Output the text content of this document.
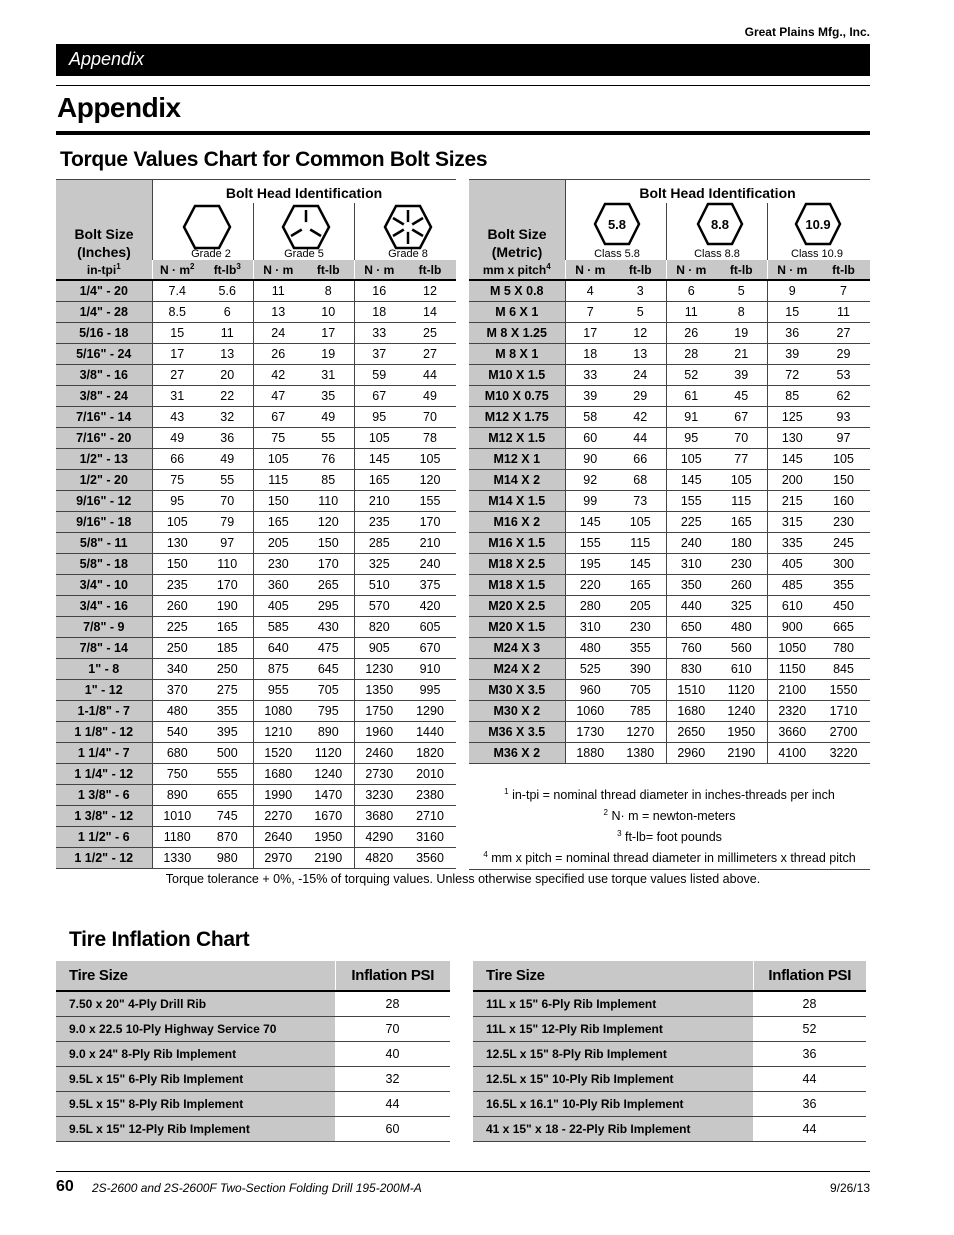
Great Plains Mfg., Inc.
Appendix
Appendix
Torque Values Chart for Common Bolt Sizes
Bolt Size
(Inches)
Bolt Head Identification
Grade 2	Grade 5	Grade 8
in-tpi$^1$	$N \cdot m^2$	$ft-lb^3$	N · m	ft-lb	N · m	ft-lb
1/4" - 20	7.4	5.6	11	8	16	12
1/4" - 28	8.5	6	13	10	18	14
5/16 - 18	15	11	24	17	33	25
5/16" - 24	17	13	26	19	37	27
3/8" - 16	27	20	42	31	59	44
3/8" - 24	31	22	47	35	67	49
7/16" - 14	43	32	67	49	95	70
7/16" - 20	49	36	75	55	105	78
1/2" - 13	66	49	105	76	145	105
1/2" - 20	75	55	115	85	165	120
9/16" - 12	95	70	150	110	210	155
9/16" - 18	105	79	165	120	235	170
5/8" - 11	130	97	205	150	285	210
5/8" - 18	150	110	230	170	325	240
3/4" - 10	235	170	360	265	510	375
3/4" - 16	260	190	405	295	570	420
7/8" - 9	225	165	585	430	820	605
7/8" - 14	250	185	640	475	905	670
1" - 8	340	250	875	645	1230	910
1" - 12	370	275	955	705	1350	995
1-1/8" - 7	480	355	1080	795	1750	1290
1 1/8" - 12	540	395	1210	890	1960	1440
1 1/4" - 7	680	500	1520	1120	2460	1820
1 1/4" - 12	750	555	1680	1240	2730	2010
1 3/8" - 6	890	655	1990	1470	3230	2380
1 3/8" - 12	1010	745	2270	1670	3680	2710
1 1/2" - 6	1180	870	2640	1950	4290	3160
1 1/2" - 12	1330	980	2970	2190	4820	3560
Bolt Size
(Metric)
Bolt Head Identification
5.8	8.8	10.9
Class 5.8	Class 8.8	Class 10.9
mm x pitch$^4$	N · m	ft-lb	N · m	ft-lb	N · m	ft-lb
M 5 X 0.8	4	3	6	5	9	7
M 6 X 1	7	5	11	8	15	11
M 8 X 1.25	17	12	26	19	36	27
M 8 X 1	18	13	28	21	39	29
M10 X 1.5	33	24	52	39	72	53
M10 X 0.75	39	29	61	45	85	62
M12 X 1.75	58	42	91	67	125	93
M12 X 1.5	60	44	95	70	130	97
M12 X 1	90	66	105	77	145	105
M14 X 2	92	68	145	105	200	150
M14 X 1.5	99	73	155	115	215	160
M16 X 2	145	105	225	165	315	230
M16 X 1.5	155	115	240	180	335	245
M18 X 2.5	195	145	310	230	405	300
M18 X 1.5	220	165	350	260	485	355
M20 X 2.5	280	205	440	325	610	450
M20 X 1.5	310	230	650	480	900	665
M24 X 3	480	355	760	560	1050	780
M24 X 2	525	390	830	610	1150	845
M30 X 3.5	960	705	1510	1120	2100	1550
M30 X 2	1060	785	1680	1240	2320	1710
M36 X 3.5	1730	1270	2650	1950	3660	2700
M36 X 2	1880	1380	2960	2190	4100	3220
$^1$ in-tpi = nominal thread diameter in inches-threads per inch
$^2$ N· m = newton-meters
$^3$ ft-lb= foot pounds
$^4$ mm x pitch = nominal thread diameter in millimeters x thread pitch
Torque tolerance + 0%, -15% of torquing values. Unless otherwise specified use torque values listed above.
Tire Inflation Chart
Tire Size	Inflation PSI
7.50 x 20" 4-Ply Drill Rib	28
9.0 x 22.5 10-Ply Highway Service 70	70
9.0 x 24" 8-Ply Rib Implement	40
9.5L x 15" 6-Ply Rib Implement	32
9.5L x 15" 8-Ply Rib Implement	44
9.5L x 15" 12-Ply Rib Implement	60
Tire Size	Inflation PSI
11L x 15" 6-Ply Rib Implement	28
11L x 15" 12-Ply Rib Implement	52
12.5L x 15" 8-Ply Rib Implement	36
12.5L x 15" 10-Ply Rib Implement	44
16.5L x 16.1" 10-Ply Rib Implement	36
41 x 15" x 18 - 22-Ply Rib Implement	44
60 2S-2600 and 2S-2600F Two-Section Folding Drill 195-200M-A	9/26/13
